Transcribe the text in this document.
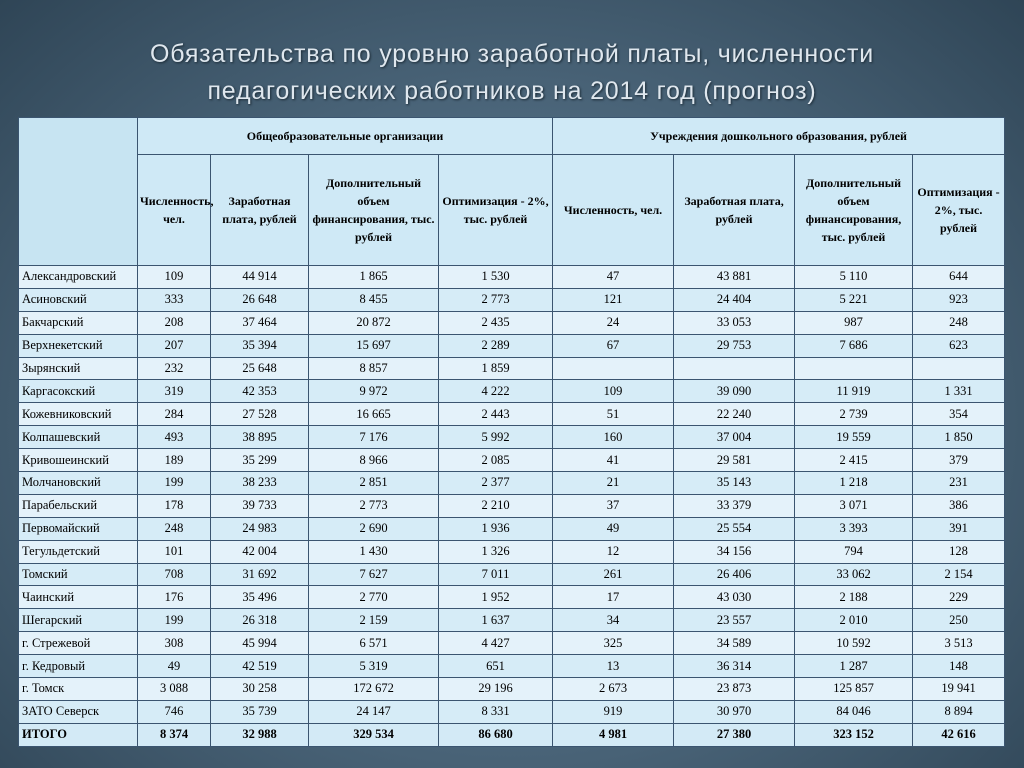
Обязательства по уровню заработной платы, численности
педагогических работников на 2014 год (прогноз)
	Общеобразовательные организации				Учреждения дошкольного образования, рублей			
	Численность, чел.	Заработная плата, рублей	Дополнительный объем финансирования, тыс. рублей	Оптимизация - 2%, тыс. рублей	Численность, чел.	Заработная плата, рублей	Дополнительный объем финансирования, тыс. рублей	Оптимизация - 2%, тыс. рублей
Александровский	109	44 914	1 865	1 530	47	43 881	5 110	644
Асиновский	333	26 648	8 455	2 773	121	24 404	5 221	923
Бакчарский	208	37 464	20 872	2 435	24	33 053	987	248
Верхнекетский	207	35 394	15 697	2 289	67	29 753	7 686	623
Зырянский	232	25 648	8 857	1 859				
Каргасокский	319	42 353	9 972	4 222	109	39 090	11 919	1 331
Кожевниковский	284	27 528	16 665	2 443	51	22 240	2 739	354
Колпашевский	493	38 895	7 176	5 992	160	37 004	19 559	1 850
Кривошеинский	189	35 299	8 966	2 085	41	29 581	2 415	379
Молчановский	199	38 233	2 851	2 377	21	35 143	1 218	231
Парабельский	178	39 733	2 773	2 210	37	33 379	3 071	386
Первомайский	248	24 983	2 690	1 936	49	25 554	3 393	391
Тегульдетский	101	42 004	1 430	1 326	12	34 156	794	128
Томский	708	31 692	7 627	7 011	261	26 406	33 062	2 154
Чаинский	176	35 496	2 770	1 952	17	43 030	2 188	229
Шегарский	199	26 318	2 159	1 637	34	23 557	2 010	250
г. Стрежевой	308	45 994	6 571	4 427	325	34 589	10 592	3 513
г. Кедровый	49	42 519	5 319	651	13	36 314	1 287	148
г. Томск	3 088	30 258	172 672	29 196	2 673	23 873	125 857	19 941
ЗАТО Северск	746	35 739	24 147	8 331	919	30 970	84 046	8 894
ИТОГО	8 374	32 988	329 534	86 680	4 981	27 380	323 152	42 616
